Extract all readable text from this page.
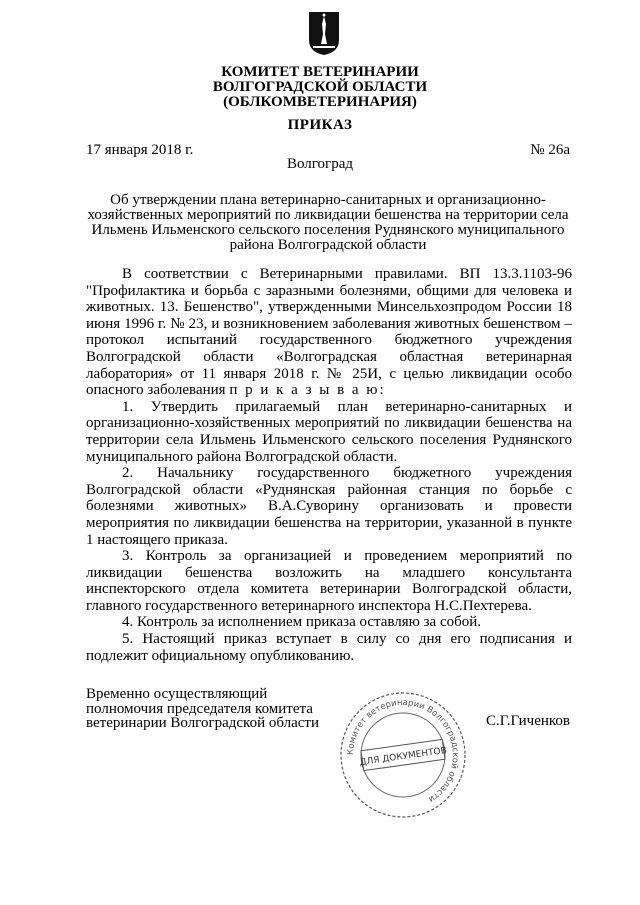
КОМИТЕТ ВЕТЕРИНАРИИ
ВОЛГОГРАДСКОЙ ОБЛАСТИ
(ОБЛКОМВЕТЕРИНАРИЯ)
ПРИКАЗ
17 января 2018 г.	№ 26а
Волгоград
Об утверждении плана ветеринарно-санитарных и организационно-
хозяйственных мероприятий по ликвидации бешенства на территории села
Ильмень Ильменского сельского поселения Руднянского муниципального
района Волгоградской области

В соответствии с Ветеринарными правилами. ВП 13.3.1103-96 "Профилактика и борьба с заразными болезнями, общими для человека и животных. 13. Бешенство", утвержденными Минсельхозпродом России 18 июня 1996 г. № 23, и возникновением заболевания животных бешенством – протокол испытаний государственного бюджетного учреждения Волгоградской области «Волгоградская областная ветеринарная лаборатория» от 11 января 2018 г. № 25И, с целью ликвидации особо опасного заболевания п р и к а з ы в а ю:

1. Утвердить прилагаемый план ветеринарно-санитарных и организационно-хозяйственных мероприятий по ликвидации бешенства на территории села Ильмень Ильменского сельского поселения Руднянского муниципального района Волгоградской области.

2. Начальнику государственного бюджетного учреждения Волгоградской области «Руднянская районная станция по борьбе с болезнями животных» В.А.Суворину организовать и провести мероприятия по ликвидации бешенства на территории, указанной в пункте 1 настоящего приказа.

3. Контроль за организацией и проведением мероприятий по ликвидации бешенства возложить на младшего консультанта инспекторского отдела комитета ветеринарии Волгоградской области, главного государственного ветеринарного инспектора Н.С.Пехтерева.

4. Контроль за исполнением приказа оставляю за собой.

5. Настоящий приказ вступает в силу со дня его подписания и подлежит официальному опубликованию.

Временно осуществляющий
полномочия председателя комитета
ветеринарии Волгоградской области
Комитет ветеринарии Волгоградской области
ДЛЯ ДОКУМЕНТОВ
С.Г.Гиченков
